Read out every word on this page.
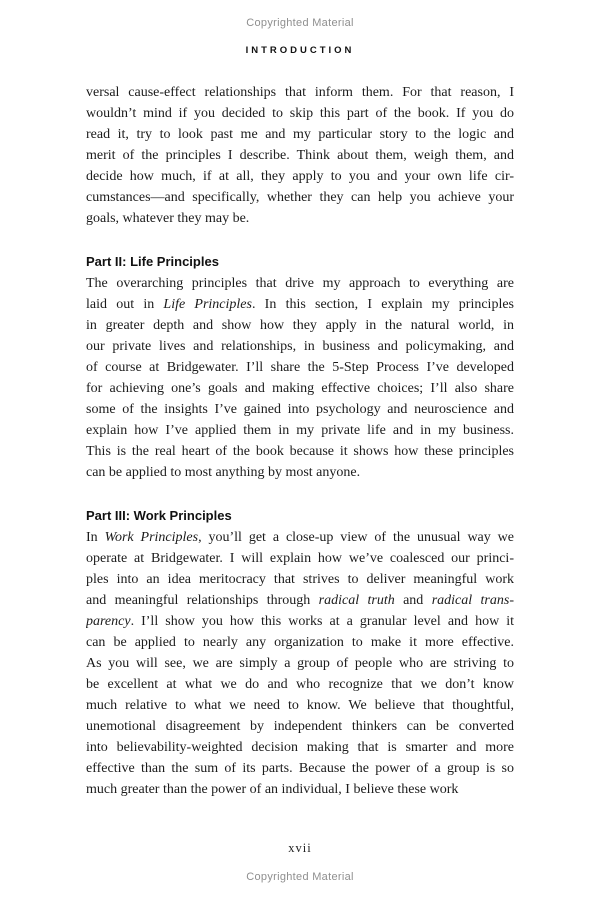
Copyrighted Material
INTRODUCTION
versal cause-effect relationships that inform them. For that reason, I
wouldn’t mind if you decided to skip this part of the book. If you do
read it, try to look past me and my particular story to the logic and
merit of the principles I describe. Think about them, weigh them, and
decide how much, if at all, they apply to you and your own life cir-
cumstances—and specifically, whether they can help you achieve your
goals, whatever they may be.
Part II: Life Principles
The overarching principles that drive my approach to everything are
laid out in Life Principles. In this section, I explain my principles
in greater depth and show how they apply in the natural world, in
our private lives and relationships, in business and policymaking, and
of course at Bridgewater. I’ll share the 5-Step Process I’ve developed
for achieving one’s goals and making effective choices; I’ll also share
some of the insights I’ve gained into psychology and neuroscience and
explain how I’ve applied them in my private life and in my business.
This is the real heart of the book because it shows how these principles
can be applied to most anything by most anyone.
Part III: Work Principles
In Work Principles, you’ll get a close-up view of the unusual way we
operate at Bridgewater. I will explain how we’ve coalesced our princi-
ples into an idea meritocracy that strives to deliver meaningful work
and meaningful relationships through radical truth and radical trans-
parency. I’ll show you how this works at a granular level and how it
can be applied to nearly any organization to make it more effective.
As you will see, we are simply a group of people who are striving to
be excellent at what we do and who recognize that we don’t know
much relative to what we need to know. We believe that thoughtful,
unemotional disagreement by independent thinkers can be converted
into believability-weighted decision making that is smarter and more
effective than the sum of its parts. Because the power of a group is so
much greater than the power of an individual, I believe these work
xvii
Copyrighted Material
